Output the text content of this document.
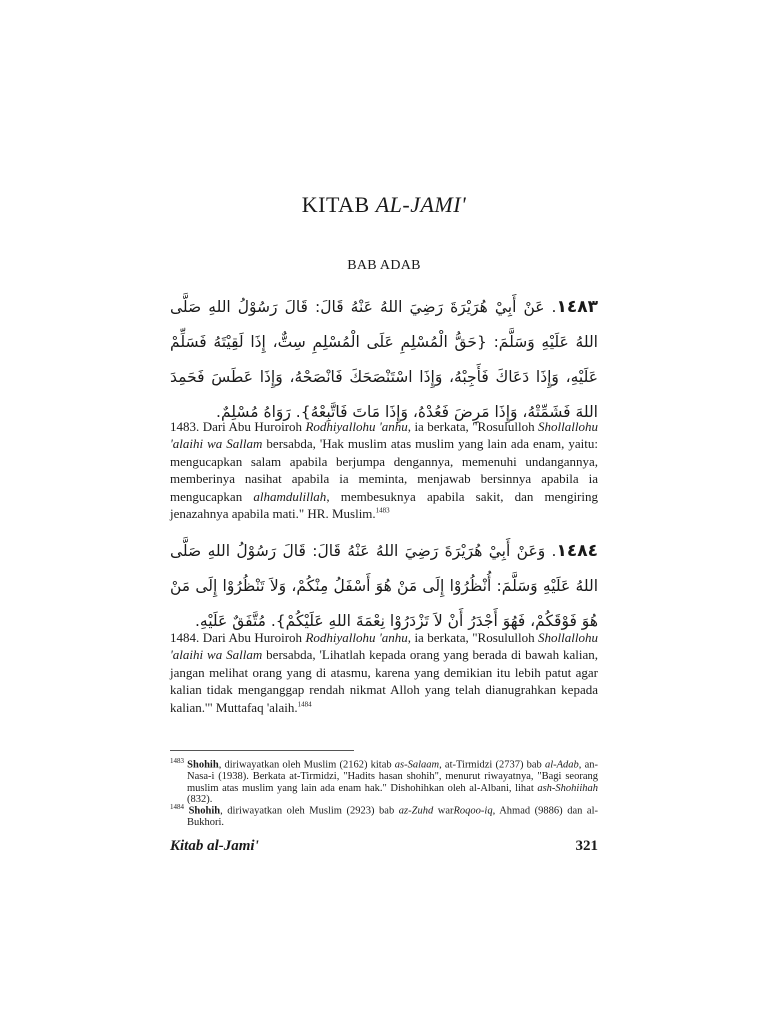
KITAB AL-JAMI'
BAB ADAB
١٤٨٣. عَنْ أَبِيْ هُرَيْرَةَ رَضِيَ اللهُ عَنْهُ قَالَ: قَالَ رَسُوْلُ اللهِ صَلَّى اللهُ عَلَيْهِ وَسَلَّمَ: {حَقُّ الْمُسْلِمِ عَلَى الْمُسْلِمِ سِتٌّ، إِذَا لَقِيْتَهُ فَسَلِّمْ عَلَيْهِ، وَإِذَا دَعَاكَ فَأَجِبْهُ، وَإِذَا اسْتَنْصَحَكَ فَانْصَحْهُ، وَإِذَا عَطَسَ فَحَمِدَ اللهَ فَشَمِّتْهُ، وَإِذَا مَرِضَ فَعُدْهُ، وَإِذَا مَاتَ فَاتَّبِعْهُ}. رَوَاهُ مُسْلِمٌ.

1483. Dari Abu Huroiroh Rodhiyallohu 'anhu, ia berkata, "Rosululloh Shollallohu 'alaihi wa Sallam bersabda, 'Hak muslim atas muslim yang lain ada enam, yaitu: mengucapkan salam apabila berjumpa dengannya, memenuhi undangannya, memberinya nasihat apabila ia meminta, menjawab bersinnya apabila ia mengucapkan alhamdulillah, membesuknya apabila sakit, dan mengiring jenazahnya apabila mati." HR. Muslim.$^{1483}$

١٤٨٤. وَعَنْ أَبِيْ هُرَيْرَةَ رَضِيَ اللهُ عَنْهُ قَالَ: قَالَ رَسُوْلُ اللهِ صَلَّى اللهُ عَلَيْهِ وَسَلَّمَ: أُنْظُرُوْا إِلَى مَنْ هُوَ أَسْفَلُ مِنْكُمْ، وَلاَ تَنْظُرُوْا إِلَى مَنْ هُوَ فَوْقَكُمْ، فَهُوَ أَجْدَرُ أَنْ لاَ تَزْدَرُوْا نِعْمَةَ اللهِ عَلَيْكُمْ}. مُتَّفَقٌ عَلَيْهِ.

1484. Dari Abu Huroiroh Rodhiyallohu 'anhu, ia berkata, "Rosululloh Shollallohu 'alaihi wa Sallam bersabda, 'Lihatlah kepada orang yang berada di bawah kalian, jangan melihat orang yang di atasmu, karena yang demikian itu lebih patut agar kalian tidak menganggap rendah nikmat Alloh yang telah dianugrahkan kepada kalian.'" Muttafaq 'alaih.$^{1484}$

$^{1483}$ Shohih, diriwayatkan oleh Muslim (2162) kitab as-Salaam, at-Tirmidzi (2737) bab al-Adab, an-Nasa-i (1938). Berkata at-Tirmidzi, "Hadits hasan shohih", menurut riwayatnya, "Bagi seorang muslim atas muslim yang lain ada enam hak." Dishohihkan oleh al-Albani, lihat ash-Shohiihah (832).
$^{1484}$ Shohih, diriwayatkan oleh Muslim (2923) bab az-Zuhd warRoqoo-iq, Ahmad (9886) dan al-Bukhori.
Kitab al-Jami'	321
